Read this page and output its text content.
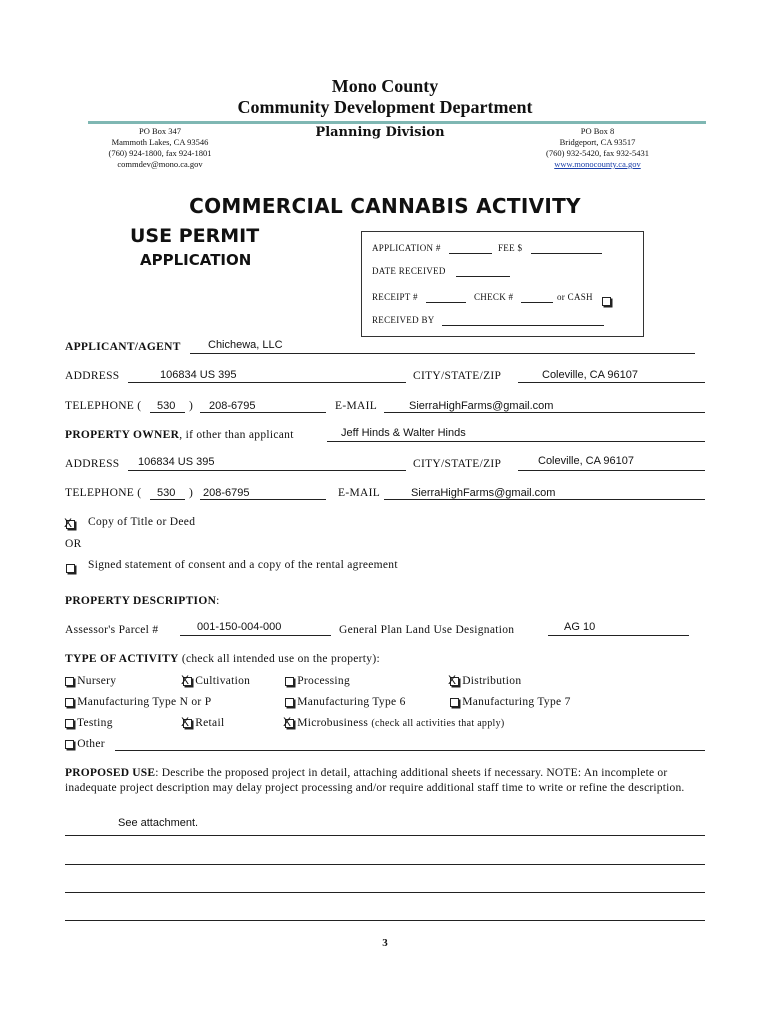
Mono County
Community Development Department
PO Box 347
Mammoth Lakes, CA 93546
(760) 924-1800, fax 924-1801
commdev@mono.ca.gov
Planning Division	PO Box 8
Bridgeport, CA 93517
(760) 932-5420, fax 932-5431
www.monocounty.ca.gov
COMMERCIAL CANNABIS ACTIVITY
USE PERMIT
APPLICATION
APPLICATION #	FEE $
DATE RECEIVED
RECEIPT #	CHECK #	or CASH
RECEIVED BY
APPLICANT/AGENT Chichewa, LLC
ADDRESS	106834 US 395	CITY/STATE/ZIP	Coleville, CA 96107
TELEPHONE ( 530 ) 208-6795	E-MAIL	SierraHighFarms@gmail.com
PROPERTY OWNER, if other than applicant	Jeff Hinds & Walter Hinds
ADDRESS 106834 US 395	CITY/STATE/ZIP	Coleville, CA 96107
TELEPHONE ( 530 ) 208-6795	E-MAIL	SierraHighFarms@gmail.com
X
Copy of Title or Deed
OR
Signed statement of consent and a copy of the rental agreement
PROPERTY DESCRIPTION:
Assessor's Parcel #	001-150-004-000	General Plan Land Use Designation	AG 10
TYPE OF ACTIVITY (check all intended use on the property):
Nursery X	Cultivation	Processing X	Distribution
Manufacturing Type N or P	Manufacturing Type 6	Manufacturing Type 7
Testing X	Retail X	Microbusiness (check all activities that apply)
Other
PROPOSED USE: Describe the proposed project in detail, attaching additional sheets if necessary. NOTE: An incomplete or inadequate project description may delay project processing and/or require additional staff time to write or refine the description.
See attachment.
3
